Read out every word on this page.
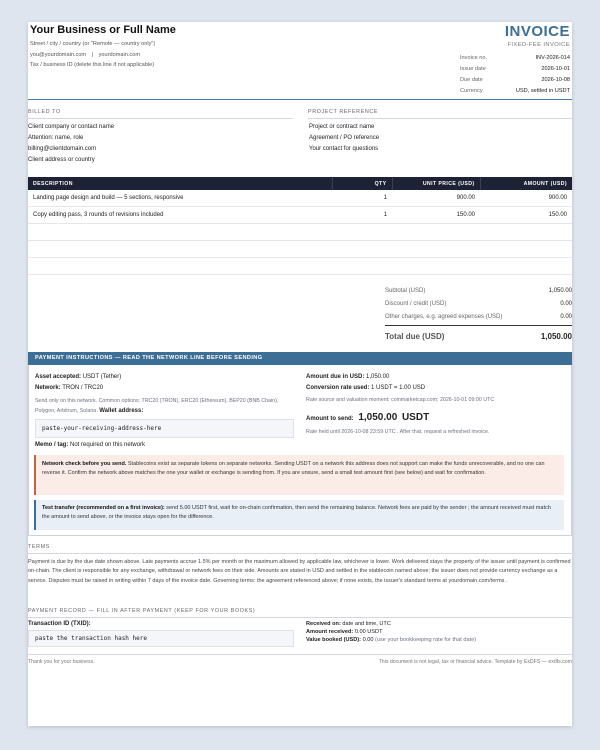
Your Business or Full Name
Street / city / country (or "Remote — country only")
you@yourdomain.com | yourdomain.com
Tax / business ID (delete this line if not applicable)
INVOICE
FIXED-FEE INVOICE
Invoice no.	INV-2026-014
Issue date	2026-10-01
Due date	2026-10-08
Currency	USD, settled in USDT
BILLED TO
Client company or contact name
Attention: name, role
billing@clientdomain.com
Client address or country
PROJECT REFERENCE
Project or contract name
Agreement / PO reference
Your contact for questions
DESCRIPTION	QTY	UNIT PRICE (USD)	AMOUNT (USD)
Landing page design and build — 5 sections, responsive	1	900.00	900.00
Copy editing pass, 3 rounds of revisions included	1	150.00	150.00

Subtotal (USD)	1,050.00
Discount / credit (USD)	0.00
Other charges, e.g. agreed expenses (USD)	0.00
Total due (USD)	1,050.00
PAYMENT INSTRUCTIONS — READ THE NETWORK LINE BEFORE SENDING
Asset accepted: USDT (Tether)
Network: TRON / TRC20
Send only on this network. Common options: TRC20 (TRON), ERC20 (Ethereum), BEP20 (BNB Chain), Polygon, Arbitrum, Solana. Wallet address:
paste-your-receiving-address-here
Memo / tag: Not required on this network
Amount due in USD: 1,050.00
Conversion rate used: 1 USDT = 1.00 USD
Rate source and valuation moment: coinmarketcap.com; 2026-10-01 09:00 UTC
Amount to send: 1,050.00 USDT
Rate held until 2026-10-08 23:59 UTC . After that, request a refreshed invoice.
Network check before you send. Stablecoins exist as separate tokens on separate networks. Sending USDT on a network this address does not support can make the funds unrecoverable, and no one can reverse it. Confirm the network above matches the one your wallet or exchange is sending from. If you are unsure, send a small test amount first (see below) and wait for confirmation.
Test transfer (recommended on a first invoice): send 5.00 USDT first, wait for on-chain confirmation, then send the remaining balance. Network fees are paid by the sender ; the amount received must match the amount to send above, or the invoice stays open for the difference.
TERMS
Payment is due by the due date shown above. Late payments accrue 1.5% per month or the maximum allowed by applicable law, whichever is lower. Work delivered stays the property of the issuer until payment is confirmed on-chain. The client is responsible for any exchange, withdrawal or network fees on their side. Amounts are stated in USD and settled in the stablecoin named above; the issuer does not provide currency exchange as a service. Disputes must be raised in writing within 7 days of the invoice date. Governing terms: the agreement referenced above; if none exists, the issuer's standard terms at yourdomain.com/terms .
PAYMENT RECORD — FILL IN AFTER PAYMENT (KEEP FOR YOUR BOOKS)
Transaction ID (TXID):
paste the transaction hash here
Received on: date and time, UTC
Amount received: 0.00 USDT
Value booked (USD): 0.00 (use your bookkeeping rate for that date)
Thank you for your business.	This document is not legal, tax or financial advice. Template by ExDFS — exdfs.com
